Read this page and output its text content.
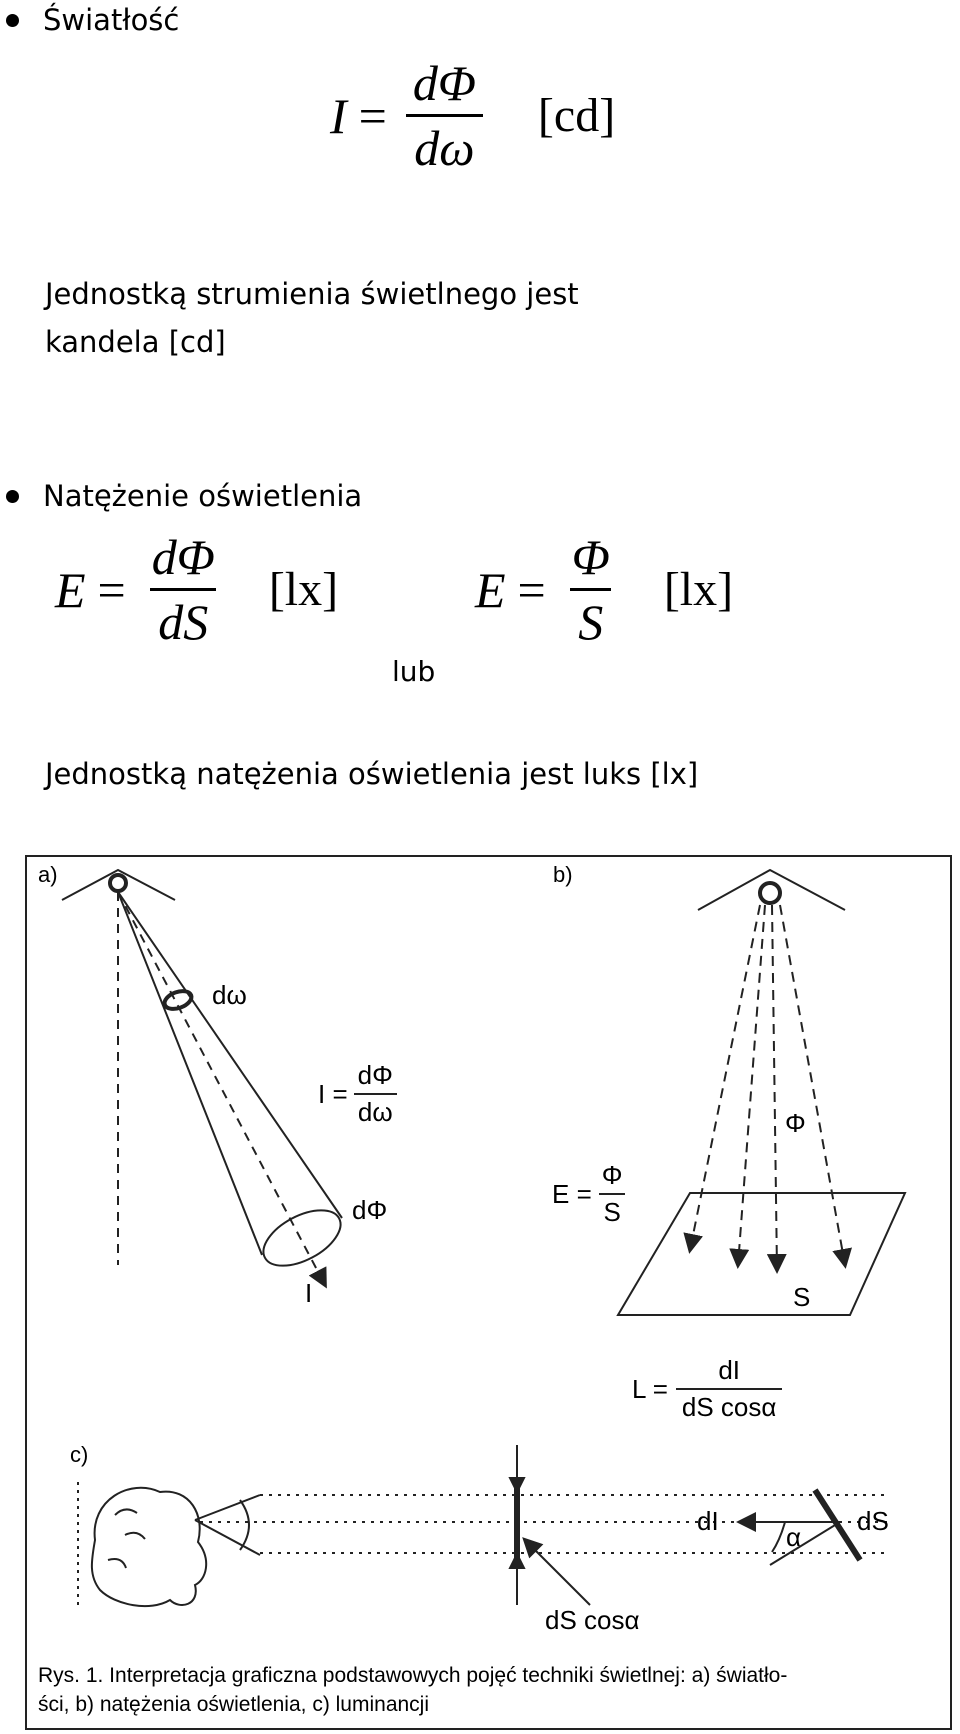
Światłość
$I = \frac{d\Phi}{d\omega} [cd]$
Jednostką strumienia świetlnego jest kandela [cd]
Natężenie oświetlenia
$E = \frac{d\Phi}{dS} [lx]$
lub
$E = \frac{\Phi}{S} [lx]$
Jednostką natężenia oświetlenia jest luks [lx]
a)
dω
$I = \frac{d\Phi}{d\omega}$
dΦ
I
b)
Φ
$E = \frac{\Phi}{S}$
S
$L = \frac{dI}{\text{dS cosα}}$
c)
dI
α
dS
dS cosα
Rys. 1. Interpretacja graficzna podstawowych pojęć techniki świetlnej: a) światło-
ści, b) natężenia oświetlenia, c) luminancji
